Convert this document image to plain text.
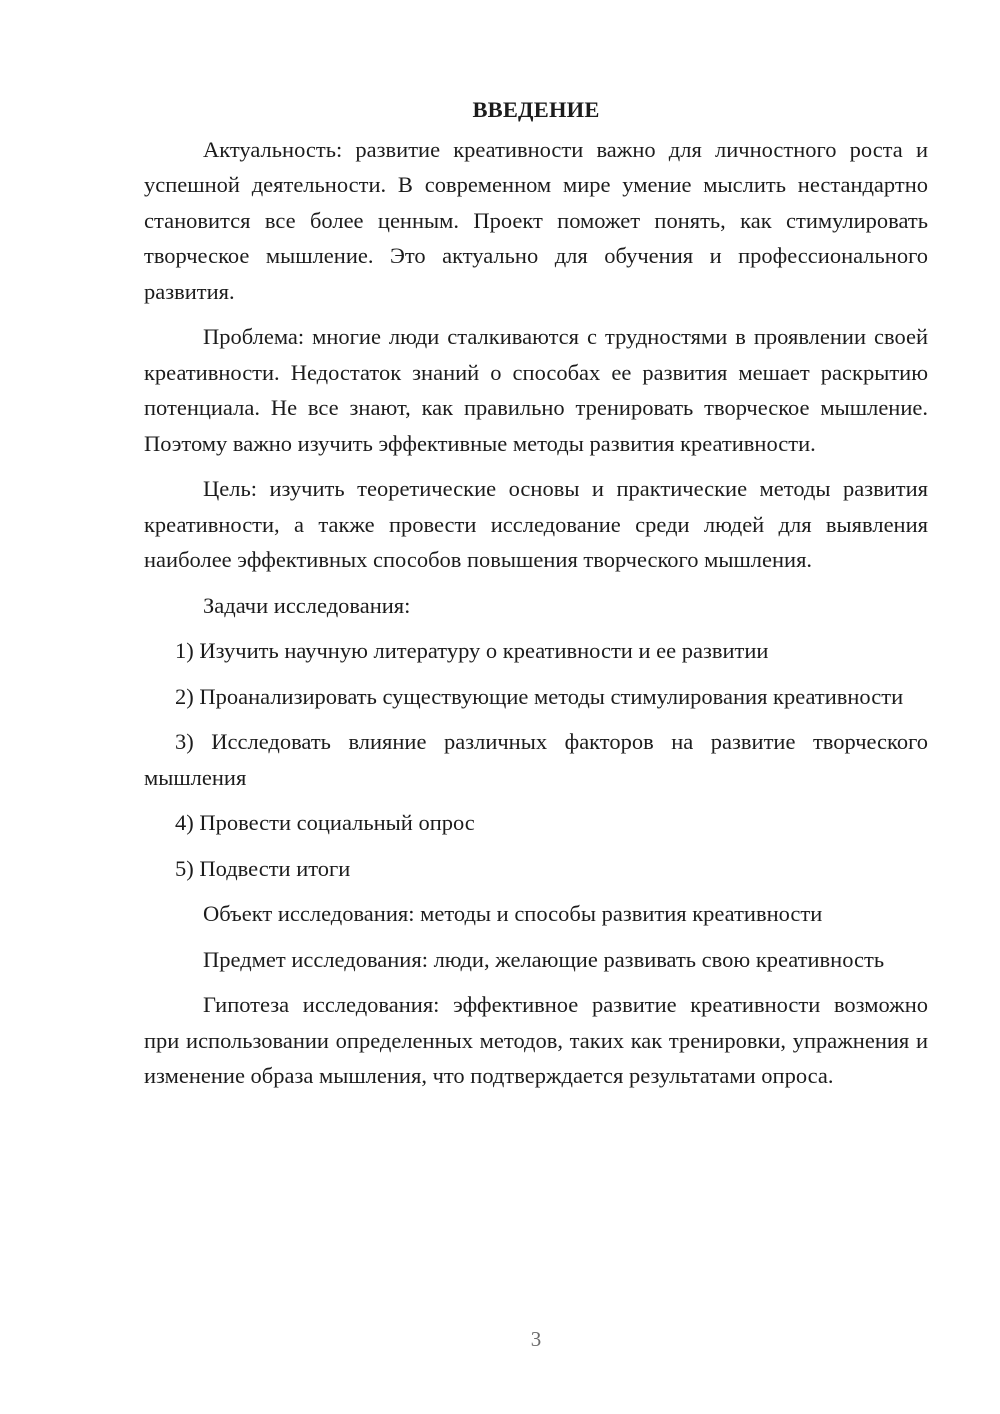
ВВЕДЕНИЕ

Актуальность: развитие креативности важно для личностного роста и успешной деятельности. В современном мире умение мыслить нестандартно становится все более ценным. Проект поможет понять, как стимулировать творческое мышление. Это актуально для обучения и профессионального развития.

Проблема: многие люди сталкиваются с трудностями в проявлении своей креативности. Недостаток знаний о способах ее развития мешает раскрытию потенциала. Не все знают, как правильно тренировать творческое мышление. Поэтому важно изучить эффективные методы развития креативности.

Цель: изучить теоретические основы и практические методы развития креативности, а также провести исследование среди людей для выявления наиболее эффективных способов повышения творческого мышления.

Задачи исследования:

1) Изучить научную литературу о креативности и ее развитии

2) Проанализировать существующие методы стимулирования креативности

3) Исследовать влияние различных факторов на развитие творческого мышления

4) Провести социальный опрос

5) Подвести итоги

Объект исследования: методы и способы развития креативности

Предмет исследования: люди, желающие развивать свою креативность

Гипотеза исследования: эффективное развитие креативности возможно при использовании определенных методов, таких как тренировки, упражнения и изменение образа мышления, что подтверждается результатами опроса.

3
